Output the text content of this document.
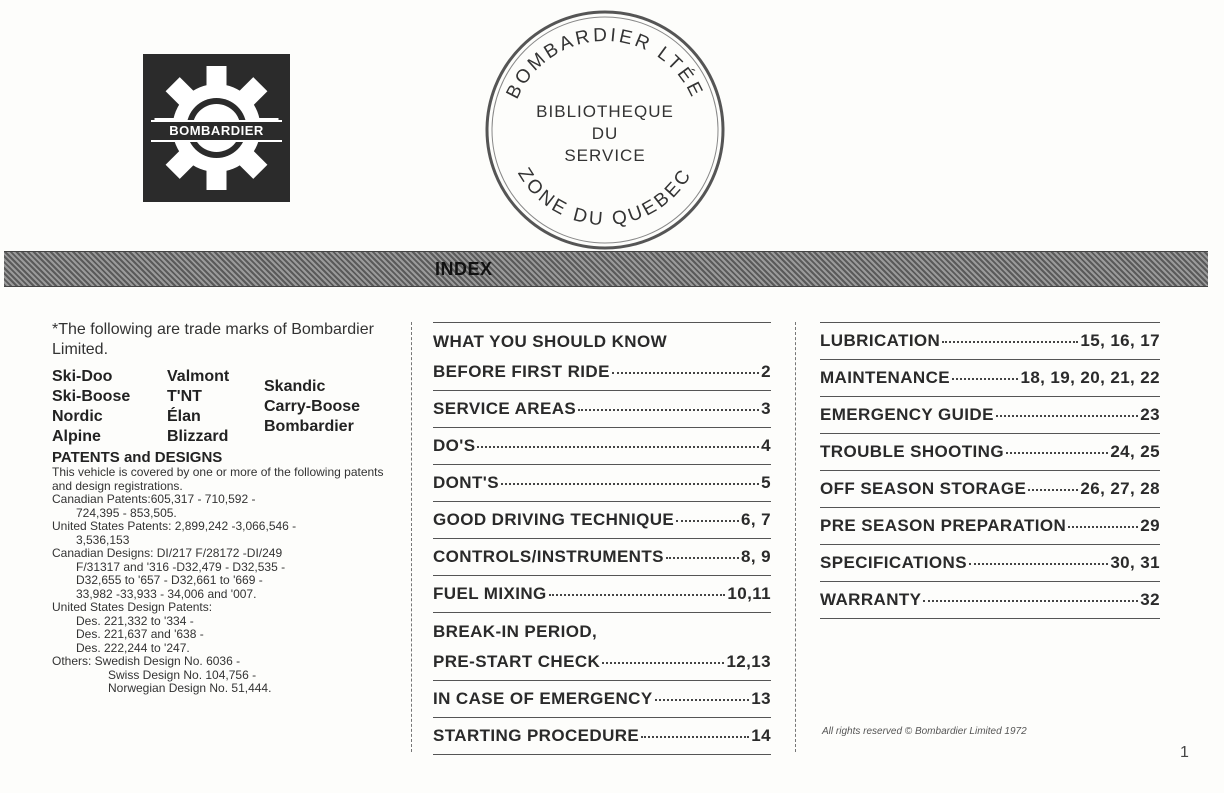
BOMBARDIER
BOMBARDIER LTÉE
ZONE DU QUEBEC
BIBLIOTHEQUE
DU
SERVICE
INDEX
*The following are trade marks of Bombardier Limited.
Ski-Doo
Ski-Boose
Nordic
Alpine
Valmont
T'NT
Élan
Blizzard
Skandic
Carry-Boose
Bombardier
PATENTS and DESIGNS
This vehicle is covered by one or more of the following patents and design registrations.
Canadian Patents:605,317 - 710,592 -
724,395 - 853,505.
United States Patents: 2,899,242 -3,066,546 -
3,536,153
Canadian Designs: DI/217 F/28172 -DI/249
F/31317 and '316 -D32,479 - D32,535 -
D32,655 to '657 - D32,661 to '669 -
33,982 -33,933 - 34,006 and '007.
United States Design Patents:
Des. 221,332 to '334 -
Des. 221,637 and '638 -
Des. 222,244 to '247.
Others: Swedish Design No. 6036 -
Swiss Design No. 104,756 -
Norwegian Design No. 51,444.
WHAT YOU SHOULD KNOW
BEFORE FIRST RIDE	2
SERVICE AREAS	3
DO'S	4
DONT'S	5
GOOD DRIVING TECHNIQUE	6, 7
CONTROLS/INSTRUMENTS	8, 9
FUEL MIXING	10,11
BREAK-IN PERIOD,
PRE-START CHECK	12,13
IN CASE OF EMERGENCY	13
STARTING PROCEDURE	14
LUBRICATION	15, 16, 17
MAINTENANCE	18, 19, 20, 21, 22
EMERGENCY GUIDE	23
TROUBLE SHOOTING	24, 25
OFF SEASON STORAGE	26, 27, 28
PRE SEASON PREPARATION	29
SPECIFICATIONS	30, 31
WARRANTY	32
All rights reserved © Bombardier Limited 1972
1
